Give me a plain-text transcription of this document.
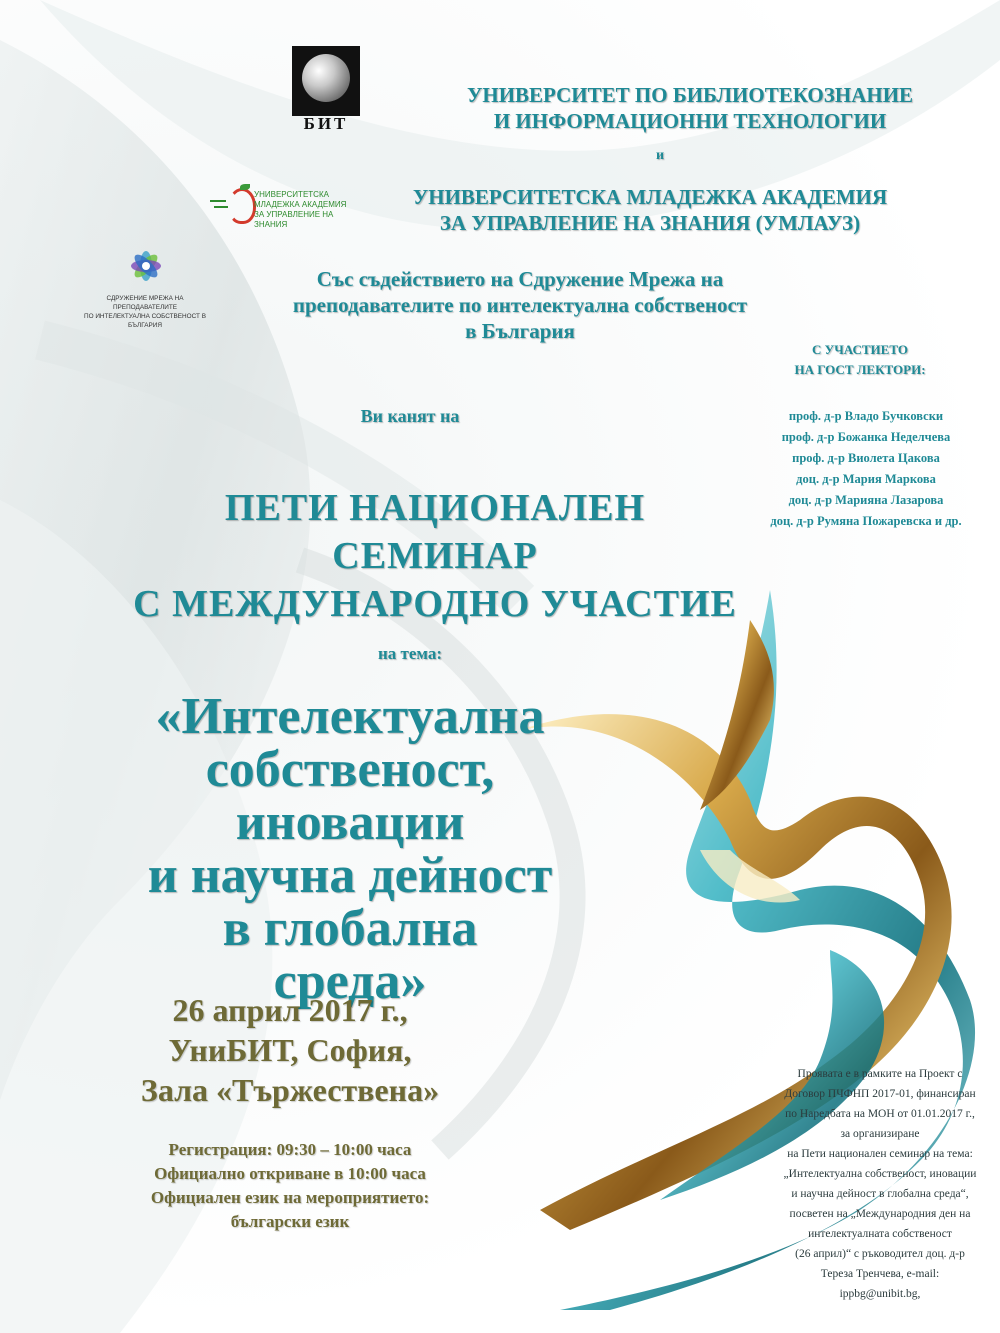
БИТ
УНИВЕРСИТЕТ ПО БИБЛИОТЕКОЗНАНИЕ
И ИНФОРМАЦИОННИ ТЕХНОЛОГИИ
и
УНИВЕРСИТЕТСКА
МЛАДЕЖКА АКАДЕМИЯ
ЗА УПРАВЛЕНИЕ НА ЗНАНИЯ
УНИВЕРСИТЕТСКА МЛАДЕЖКА АКАДЕМИЯ
ЗА УПРАВЛЕНИЕ НА ЗНАНИЯ (УМЛАУЗ)
СДРУЖЕНИЕ МРЕЖА НА ПРЕПОДАВАТЕЛИТЕ
ПО ИНТЕЛЕКТУАЛНА СОБСТВЕНОСТ В БЪЛГАРИЯ
Със съдействието на Сдружение Мрежа на
преподавателите по интелектуална собственост
в България
С УЧАСТИЕТО
НА ГОСТ ЛЕКТОРИ:
проф. д-р Владо Бучковски
проф. д-р Божанка Неделчева
проф. д-р Виолета Цакова
доц. д-р Мария Маркова
доц. д-р Марияна Лазарова
доц. д-р Румяна Пожаревска и др.
Ви канят на
ПЕТИ НАЦИОНАЛЕН
СЕМИНАР
С МЕЖДУНАРОДНО УЧАСТИЕ
на тема:
«Интелектуална
собственост,
иновации
и научна дейност
в глобална
среда»
26 април 2017 г.,
УниБИТ, София,
Зала «Тържествена»
Регистрация: 09:30 – 10:00 часа
Официално откриване в 10:00 часа
Официален език на мероприятието:
български език
Проявата е в рамките на Проект с
Договор ПЧФНП 2017-01, финансиран
по Наредбата на МОН от 01.01.2017 г.,
за организиране
на Пети национален семинар на тема:
„Интелектуална собственост, иновации
и научна дейност в глобална среда“,
посветен на „Международния ден на
интелектуалната собственост
(26 април)“ с ръководител доц. д-р
Тереза Тренчева, e-mail:
ippbg@unibit.bg,
